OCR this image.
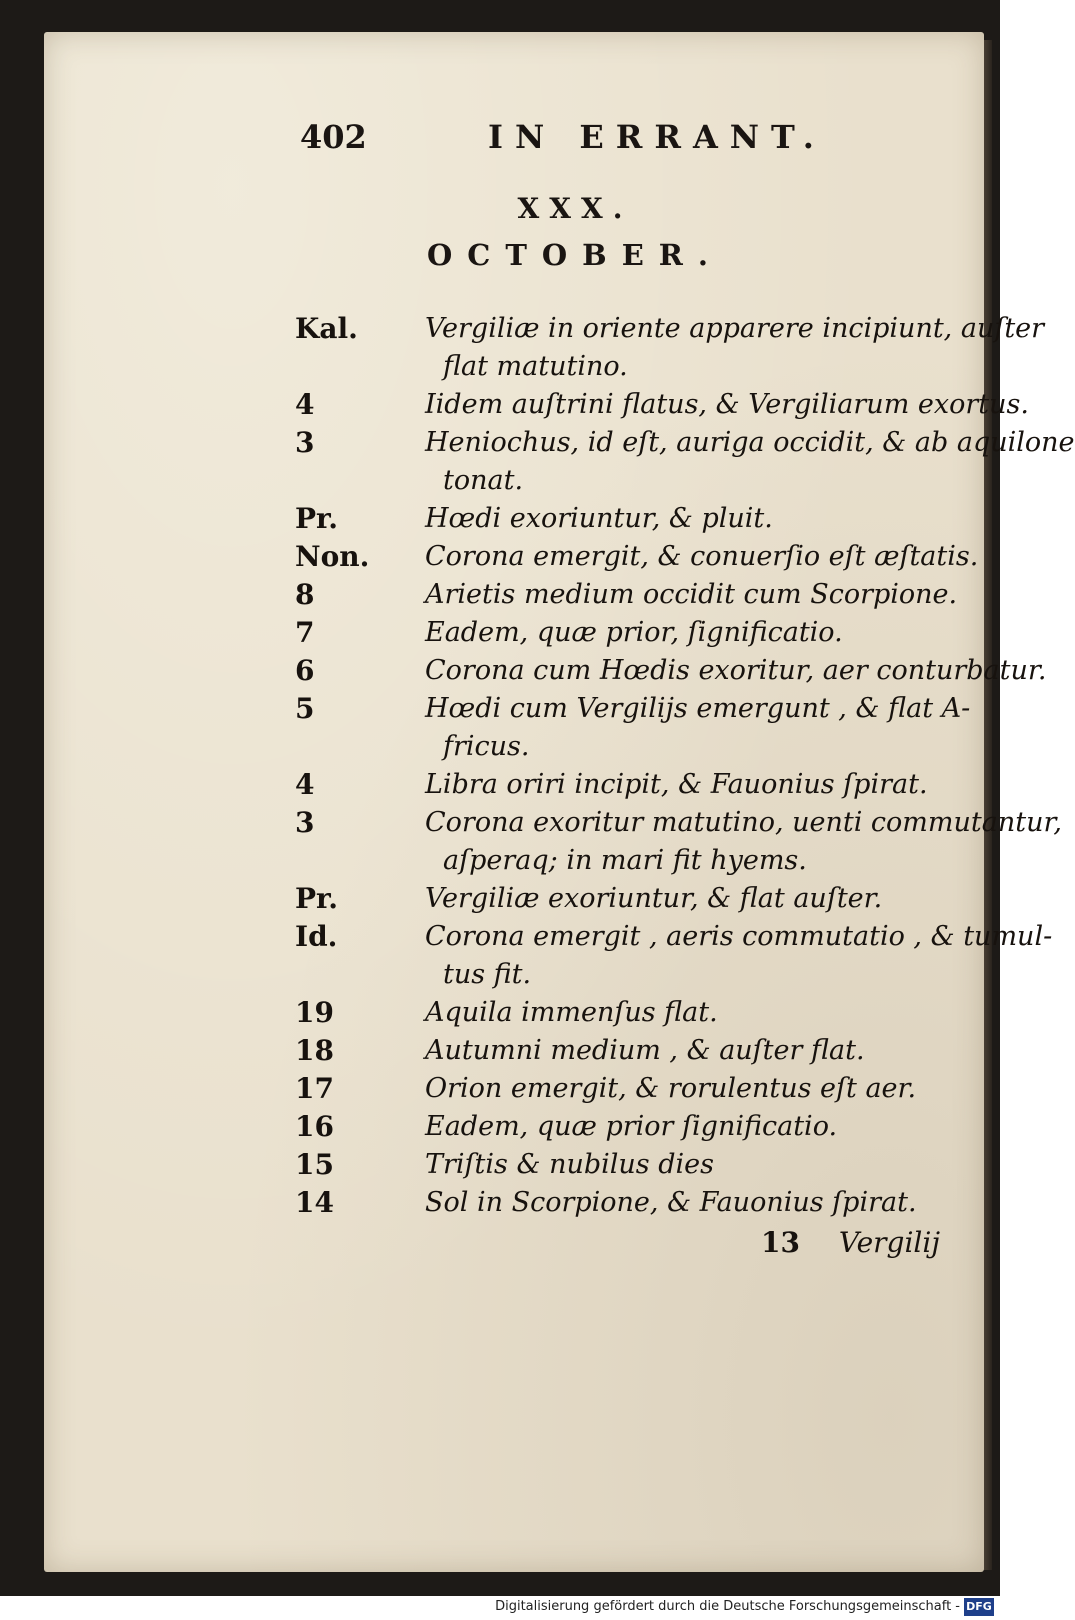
402	IN ERRANT.
XXX.
OCTOBER.
Kal.	Vergiliæ in oriente apparere incipiunt, auſter
flat matutino.
4	Iidem auſtrini flatus, & Vergiliarum exortus.
3	Heniochus, id eſt, auriga occidit, & ab aquilone
tonat.
Pr.	Hœdi exoriuntur, & pluit.
Non.	Corona emergit, & conuerſio eſt æſtatis.
8	Arietis medium occidit cum Scorpione.
7	Eadem, quæ prior, ſignificatio.
6	Corona cum Hœdis exoritur, aer conturbatur.
5	Hœdi cum Vergilijs emergunt , & flat A-
fricus.
4	Libra oriri incipit, & Fauonius ſpirat.
3	Corona exoritur matutino, uenti commutantur,
aſperaq; in mari fit hyems.
Pr.	Vergiliæ exoriuntur, & flat auſter.
Id.	Corona emergit , aeris commutatio , & tumul-
tus fit.
19	Aquila immenſus flat.
18	Autumni medium , & auſter flat.
17	Orion emergit, & rorulentus eſt aer.
16	Eadem, quæ prior ſignificatio.
15	Triſtis & nubilus dies
14	Sol in Scorpione, & Fauonius ſpirat.
13 Vergilij
Digitalisierung gefördert durch die Deutsche Forschungsgemeinschaft - DFG
